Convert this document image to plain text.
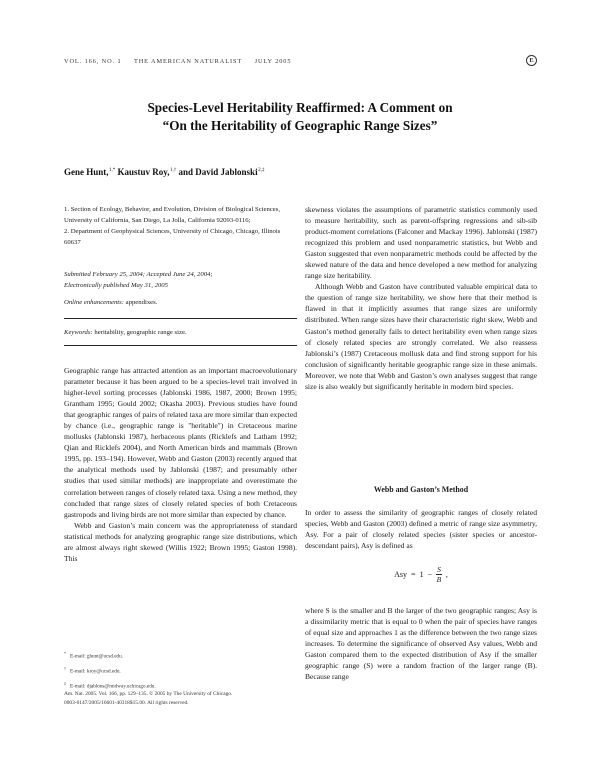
VOL. 166, NO. 1 THE AMERICAN NATURALIST JULY 2005	E
Species-Level Heritability Reaffirmed: A Comment on
“On the Heritability of Geographic Range Sizes”
Gene Hunt,$^{1,*}$ Kaustuv Roy,$^{1,\dagger}$ and David Jablonski$^{2,\ddagger}$
1. Section of Ecology, Behavior, and Evolution, Division of Biological Sciences, University of California, San Diego, La Jolla, California 92093-0116;
2. Department of Geophysical Sciences, University of Chicago, Chicago, Illinois 60637
Submitted February 25, 2004; Accepted June 24, 2004;
Electronically published May 31, 2005
Online enhancements: appendixes.
Keywords: heritability, geographic range size.

Geographic range has attracted attention as an important macroevolutionary parameter because it has been argued to be a species-level trait involved in higher-level sorting processes (Jablonski 1986, 1987, 2000; Brown 1995; Grantham 1995; Gould 2002; Okasha 2003). Previous studies have found that geographic ranges of pairs of related taxa are more similar than expected by chance (i.e., geographic range is "heritable") in Cretaceous marine mollusks (Jablonski 1987), herbaceous plants (Ricklefs and Latham 1992; Qian and Ricklefs 2004), and North American birds and mammals (Brown 1995, pp. 193–194). However, Webb and Gaston (2003) recently argued that the analytical methods used by Jablonski (1987; and presumably other studies that used similar methods) are inappropriate and overestimate the correlation between ranges of closely related taxa. Using a new method, they concluded that range sizes of closely related species of both Cretaceous gastropods and living birds are not more similar than expected by chance.

Webb and Gaston’s main concern was the appropriateness of standard statistical methods for analyzing geographic range size distributions, which are almost always right skewed (Willis 1922; Brown 1995; Gaston 1998). This

*E-mail: ghunt@ucsd.edu.
†E-mail: kroy@ucsd.edu.
‡E-mail: djablons@midway.uchicago.edu.
Am. Nat. 2005. Vol. 166, pp. 129–135. © 2005 by The University of Chicago.
0003-0147/2005/16601-40318$15.00. All rights reserved.

skewness violates the assumptions of parametric statistics commonly used to measure heritability, such as parent-offspring regressions and sib-sib product-moment correlations (Falconer and Mackay 1996). Jablonski (1987) recognized this problem and used nonparametric statistics, but Webb and Gaston suggested that even nonparametric methods could be affected by the skewed nature of the data and hence developed a new method for analyzing range size heritability.

Although Webb and Gaston have contributed valuable empirical data to the question of range size heritability, we show here that their method is flawed in that it implicitly assumes that range sizes are uniformly distributed. When range sizes have their characteristic right skew, Webb and Gaston’s method generally fails to detect heritability even when range sizes of closely related species are strongly correlated. We also reassess Jablonski’s (1987) Cretaceous mollusk data and find strong support for his conclusion of significantly heritable geographic range size in these animals. Moreover, we note that Webb and Gaston’s own analyses suggest that range size is also weakly but significantly heritable in modern bird species.

Webb and Gaston’s Method

In order to assess the similarity of geographic ranges of closely related species, Webb and Gaston (2003) defined a metric of range size asymmetry, Asy. For a pair of closely related species (sister species or ancestor-descendant pairs), Asy is defined as

Asy = $1 - \frac{S}{B}$ ,

where S is the smaller and B the larger of the two geographic ranges; Asy is a dissimilarity metric that is equal to 0 when the pair of species have ranges of equal size and approaches 1 as the difference between the two range sizes increases. To determine the significance of observed Asy values, Webb and Gaston compared them to the expected distribution of Asy if the smaller geographic range (S) were a random fraction of the larger range (B). Because range
